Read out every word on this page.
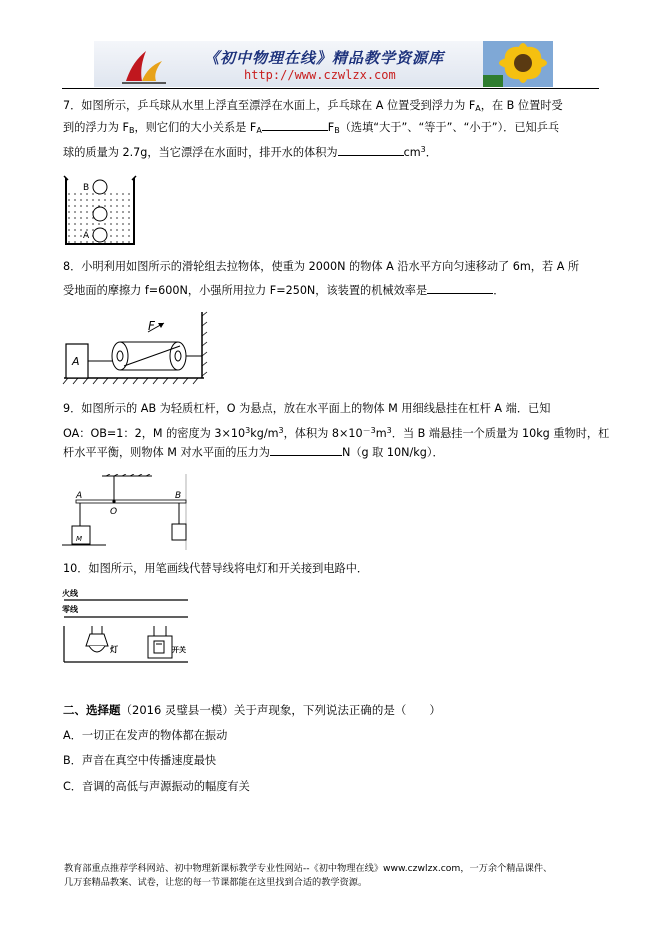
《初中物理在线》精品教学资源库
http://www.czwlzx.com
7．如图所示，乒乓球从水里上浮直至漂浮在水面上，乒乓球在 A 位置受到浮力为 $F_A$，在 B 位置时受
到的浮力为 $F_B$，则它们的大小关系是 $F_A$	$F_B$（选填“大于”、“等于”、“小于”）．已知乒乓
球的质量为 2.7g，当它漂浮在水面时，排开水的体积为	$cm^3$．
B
A
8．小明利用如图所示的滑轮组去拉物体，使重为 2000N 的物体 A 沿水平方向匀速移动了 6m，若 A 所
受地面的摩擦力 f=600N，小强所用拉力 F=250N，该装置的机械效率是	．
A
F
9．如图所示的 AB 为轻质杠杆，O 为悬点，放在水平面上的物体 M 用细线悬挂在杠杆 A 端．已知
OA：OB=1：2，M 的密度为 $3\times 10^3kg/m^3$，体积为 $8\times 10^{-3}m^3$．当 B 端悬挂一个质量为 10kg 重物时，杠
杆水平平衡，则物体 M 对水平面的压力为	N（g 取 10N/kg）．
O
A	B
M
10．如图所示，用笔画线代替导线将电灯和开关接到电路中．
火线
零线
灯	开关
二、选择题（2016 灵璧县一模）关于声现象，下列说法正确的是（　　）
A．一切正在发声的物体都在振动
B．声音在真空中传播速度最快
C．音调的高低与声源振动的幅度有关
教育部重点推荐学科网站、初中物理新课标教学专业性网站--《初中物理在线》www.czwlzx.com，一万余个精品课件、
几万套精品教案、试卷，让您的每一节课都能在这里找到合适的教学资源。
